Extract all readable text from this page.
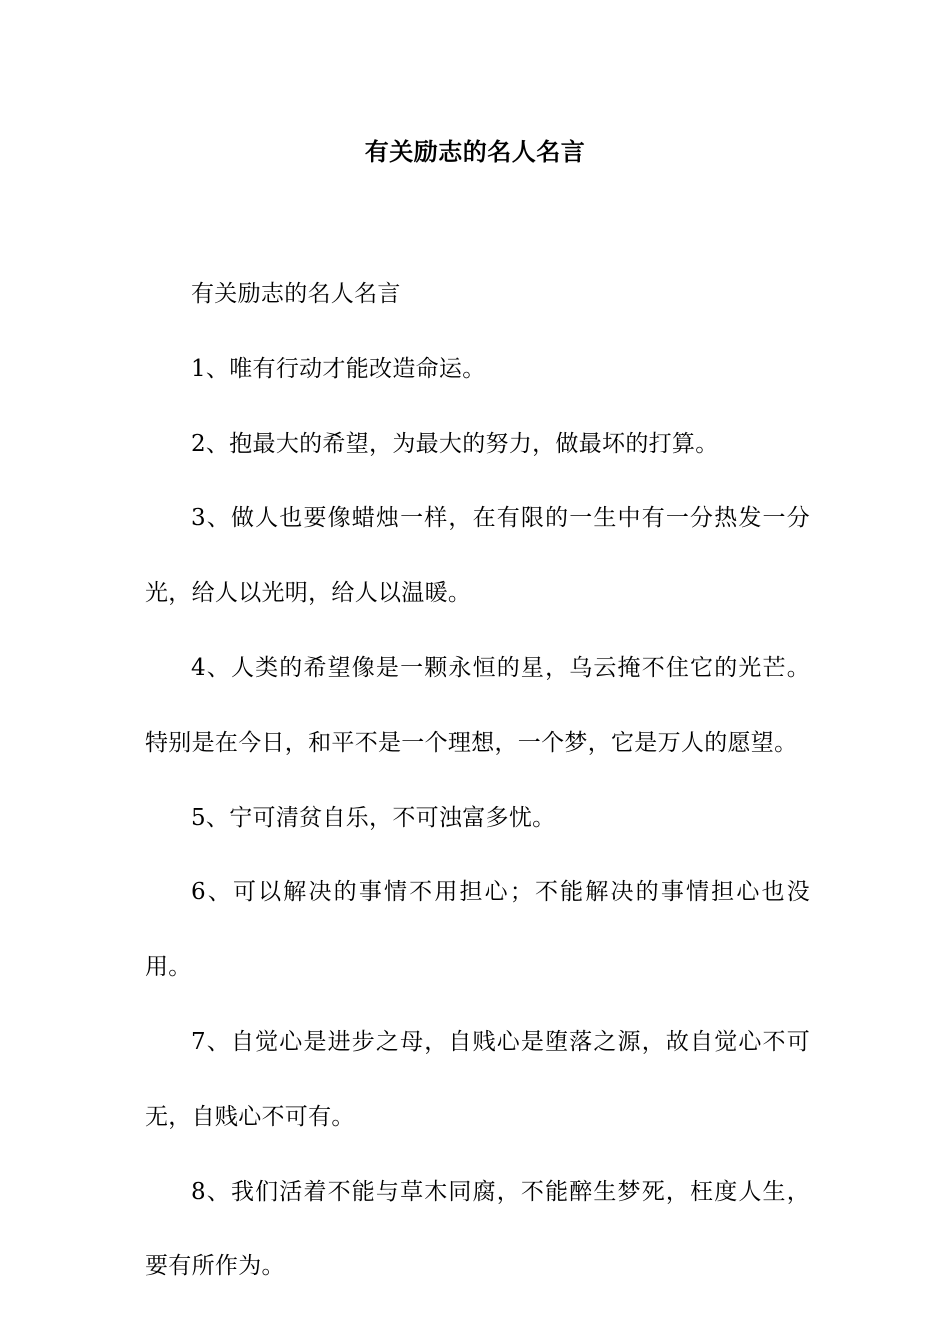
有关励志的名人名言

有关励志的名人名言

1、唯有行动才能改造命运。

2、抱最大的希望，为最大的努力，做最坏的打算。

3、做人也要像蜡烛一样，在有限的一生中有一分热发一分光，给人以光明，给人以温暖。

4、人类的希望像是一颗永恒的星，乌云掩不住它的光芒。特别是在今日，和平不是一个理想，一个梦，它是万人的愿望。

5、宁可清贫自乐，不可浊富多忧。

6、可以解决的事情不用担心；不能解决的事情担心也没用。

7、自觉心是进步之母，自贱心是堕落之源，故自觉心不可无，自贱心不可有。

8、我们活着不能与草木同腐，不能醉生梦死，枉度人生，要有所作为。
